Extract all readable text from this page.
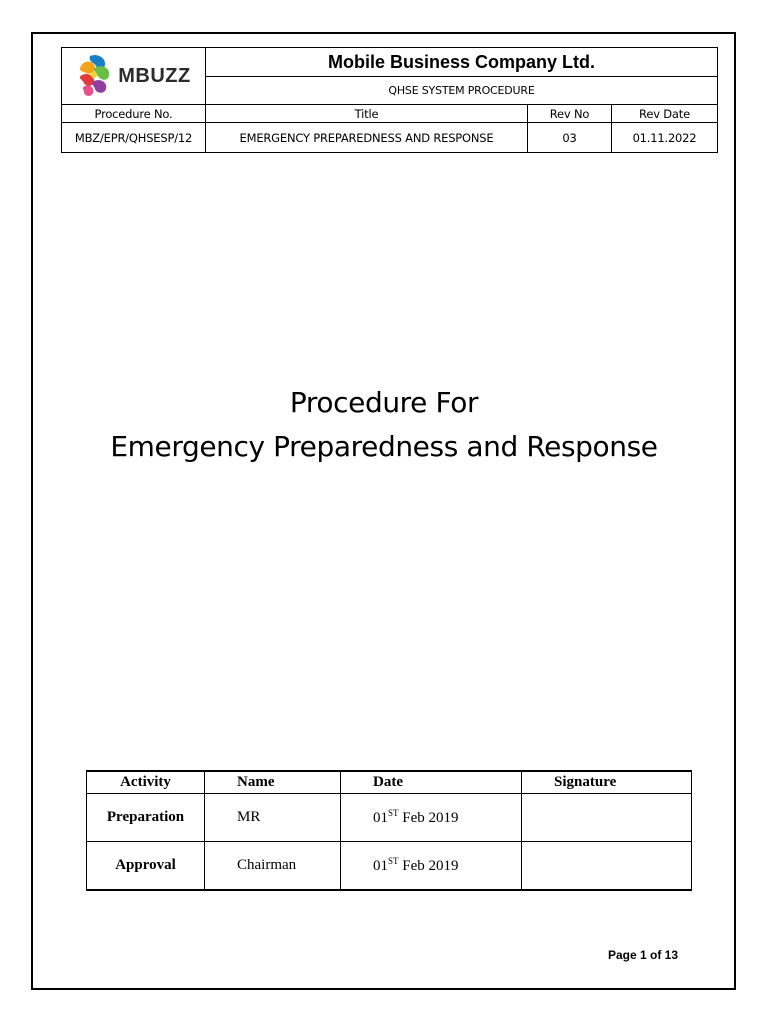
MBUZZ	Mobile Business Company Ltd.		
	QHSE SYSTEM PROCEDURE		
Procedure No.	Title	Rev No	Rev Date
MBZ/EPR/QHSESP/12	EMERGENCY PREPAREDNESS AND RESPONSE	03	01.11.2022
Procedure For
Emergency Preparedness and Response
Activity	Name	Date	Signature
Preparation	MR	01ST Feb 2019	
Approval	Chairman	01ST Feb 2019	
Page 1 of 13
